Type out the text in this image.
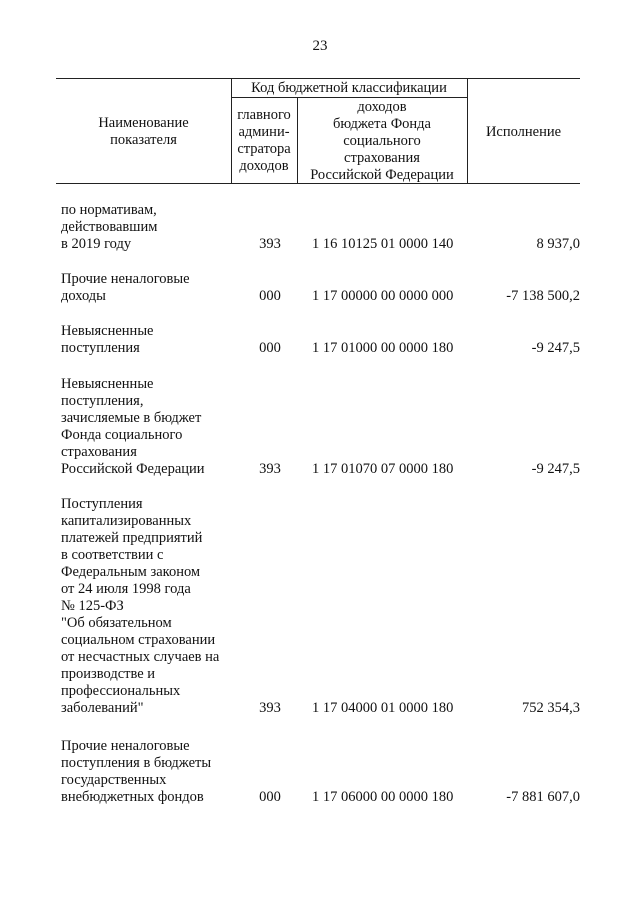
23
Наименование
показателя
Код бюджетной классификации
главного
админи-
стратора
доходов
доходов
бюджета Фонда
социального
страхования
Российской Федерации
Исполнение
по нормативам,
действовавшим
в 2019 году	393	1 16 10125 01 0000 140	8 937,0
Прочие неналоговые
доходы	000	1 17 00000 00 0000 000	-7 138 500,2
Невыясненные
поступления	000	1 17 01000 00 0000 180	-9 247,5
Невыясненные
поступления,
зачисляемые в бюджет
Фонда социального
страхования
Российской Федерации	393	1 17 01070 07 0000 180	-9 247,5
Поступления
капитализированных
платежей предприятий
в соответствии с
Федеральным законом
от 24 июля 1998 года
№ 125-ФЗ
"Об обязательном
социальном страховании
от несчастных случаев на
производстве и
профессиональных
заболеваний"	393	1 17 04000 01 0000 180	752 354,3
Прочие неналоговые
поступления в бюджеты
государственных
внебюджетных фондов	000	1 17 06000 00 0000 180	-7 881 607,0
